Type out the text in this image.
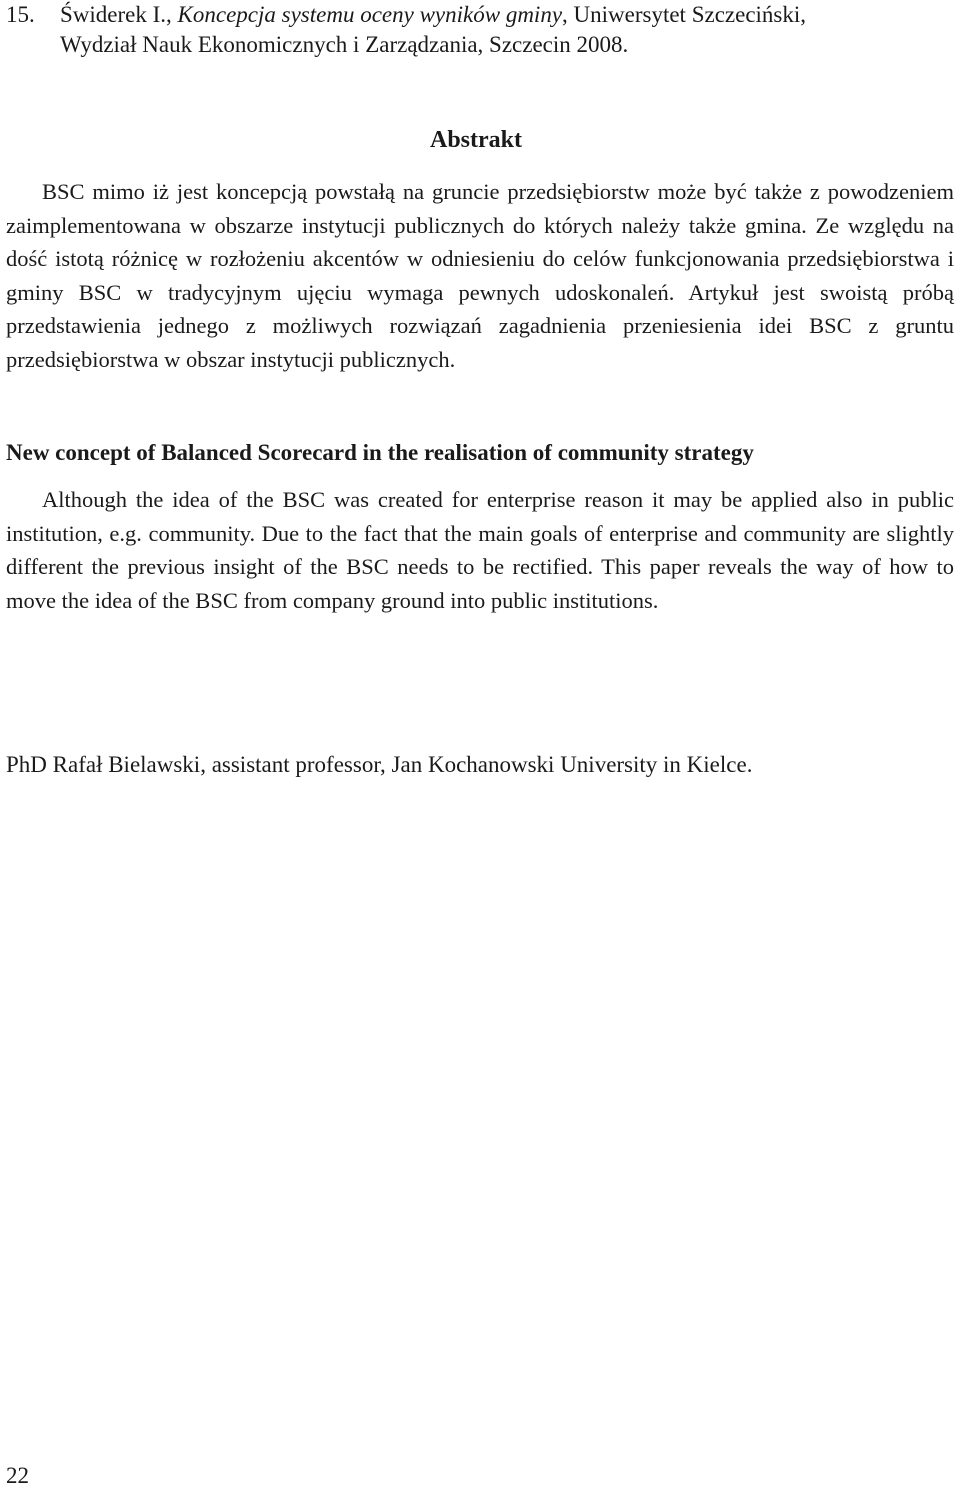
15. Świderek I., Koncepcja systemu oceny wyników gminy, Uniwersytet Szczeciński,
Wydział Nauk Ekonomicznych i Zarządzania, Szczecin 2008.

Abstrakt

BSC mimo iż jest koncepcją powstałą na gruncie przedsiębiorstw może być także z powodzeniem zaimplementowana w obszarze instytucji publicznych do których należy także gmina. Ze względu na dość istotą różnicę w rozłożeniu akcentów w odniesieniu do celów funkcjonowania przedsiębiorstwa i gminy BSC w tradycyjnym ujęciu wymaga pewnych udoskonaleń. Artykuł jest swoistą próbą przedstawienia jednego z możliwych rozwiązań zagadnienia przeniesienia idei BSC z gruntu przedsiębiorstwa w obszar instytucji publicznych.

New concept of Balanced Scorecard in the realisation of community strategy

Although the idea of the BSC was created for enterprise reason it may be applied also in public institution, e.g. community. Due to the fact that the main goals of enterprise and community are slightly different the previous insight of the BSC needs to be rectified. This paper reveals the way of how to move the idea of the BSC from company ground into public institutions.

PhD Rafał Bielawski, assistant professor, Jan Kochanowski University in Kielce.

22
